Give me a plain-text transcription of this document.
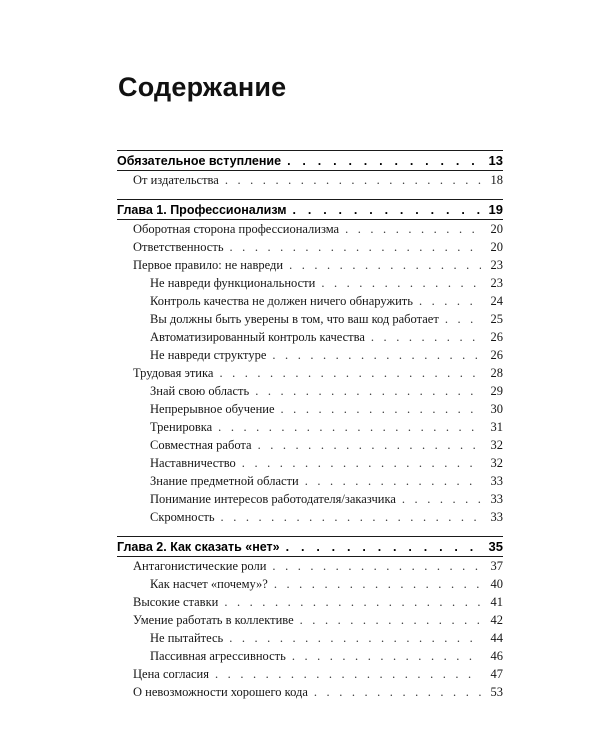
Содержание
Обязательное вступление . . .	13
От издательства . . .	18
Глава 1. Профессионализм . . .	19
Оборотная сторона профессионализма . . .	20
Ответственность . . .	20
Первое правило: не навреди . . .	23
Не навреди функциональности . . .	23
Контроль качества не должен ничего обнаружить . . .	24
Вы должны быть уверены в том, что ваш код работает . . .	25
Автоматизированный контроль качества . . .	26
Не навреди структуре . . .	26
Трудовая этика . . .	28
Знай свою область . . .	29
Непрерывное обучение . . .	30
Тренировка . . .	31
Совместная работа . . .	32
Наставничество . . .	32
Знание предметной области . . .	33
Понимание интересов работодателя/заказчика . . .	33
Скромность . . .	33
Глава 2. Как сказать «нет» . . .	35
Антагонистические роли . . .	37
Как насчет «почему»? . . .	40
Высокие ставки . . .	41
Умение работать в коллективе . . .	42
Не пытайтесь . . .	44
Пассивная агрессивность . . .	46
Цена согласия . . .	47
О невозможности хорошего кода . . .	53
